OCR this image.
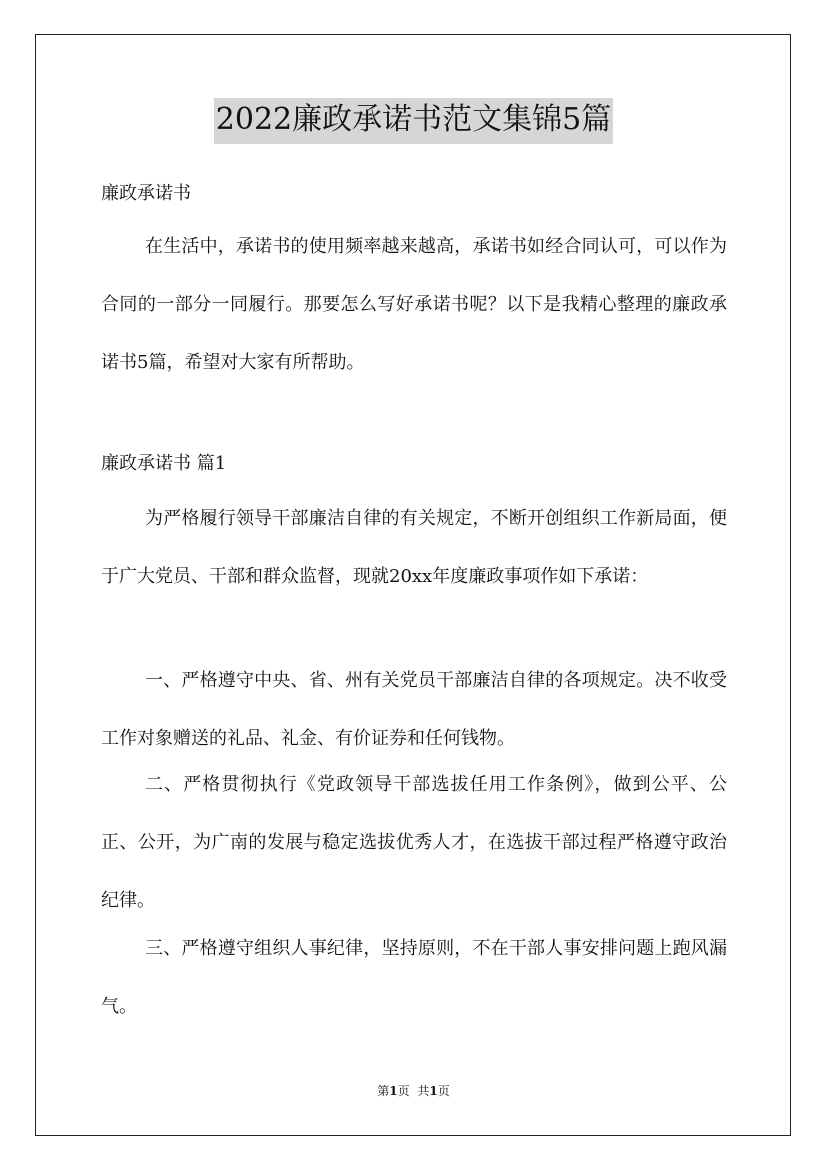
2022廉政承诺书范文集锦5篇
廉政承诺书
在生活中，承诺书的使用频率越来越高，承诺书如经合同认可，可以作为合同的一部分一同履行。那要怎么写好承诺书呢？以下是我精心整理的廉政承诺书5篇，希望对大家有所帮助。
廉政承诺书 篇1
为严格履行领导干部廉洁自律的有关规定，不断开创组织工作新局面，便于广大党员、干部和群众监督，现就20xx年度廉政事项作如下承诺：
一、严格遵守中央、省、州有关党员干部廉洁自律的各项规定。决不收受工作对象赠送的礼品、礼金、有价证券和任何钱物。
二、严格贯彻执行《党政领导干部选拔任用工作条例》，做到公平、公正、公开，为广南的发展与稳定选拔优秀人才，在选拔干部过程严格遵守政治纪律。
三、严格遵守组织人事纪律，坚持原则，不在干部人事安排问题上跑风漏气。
第1页 共1页
